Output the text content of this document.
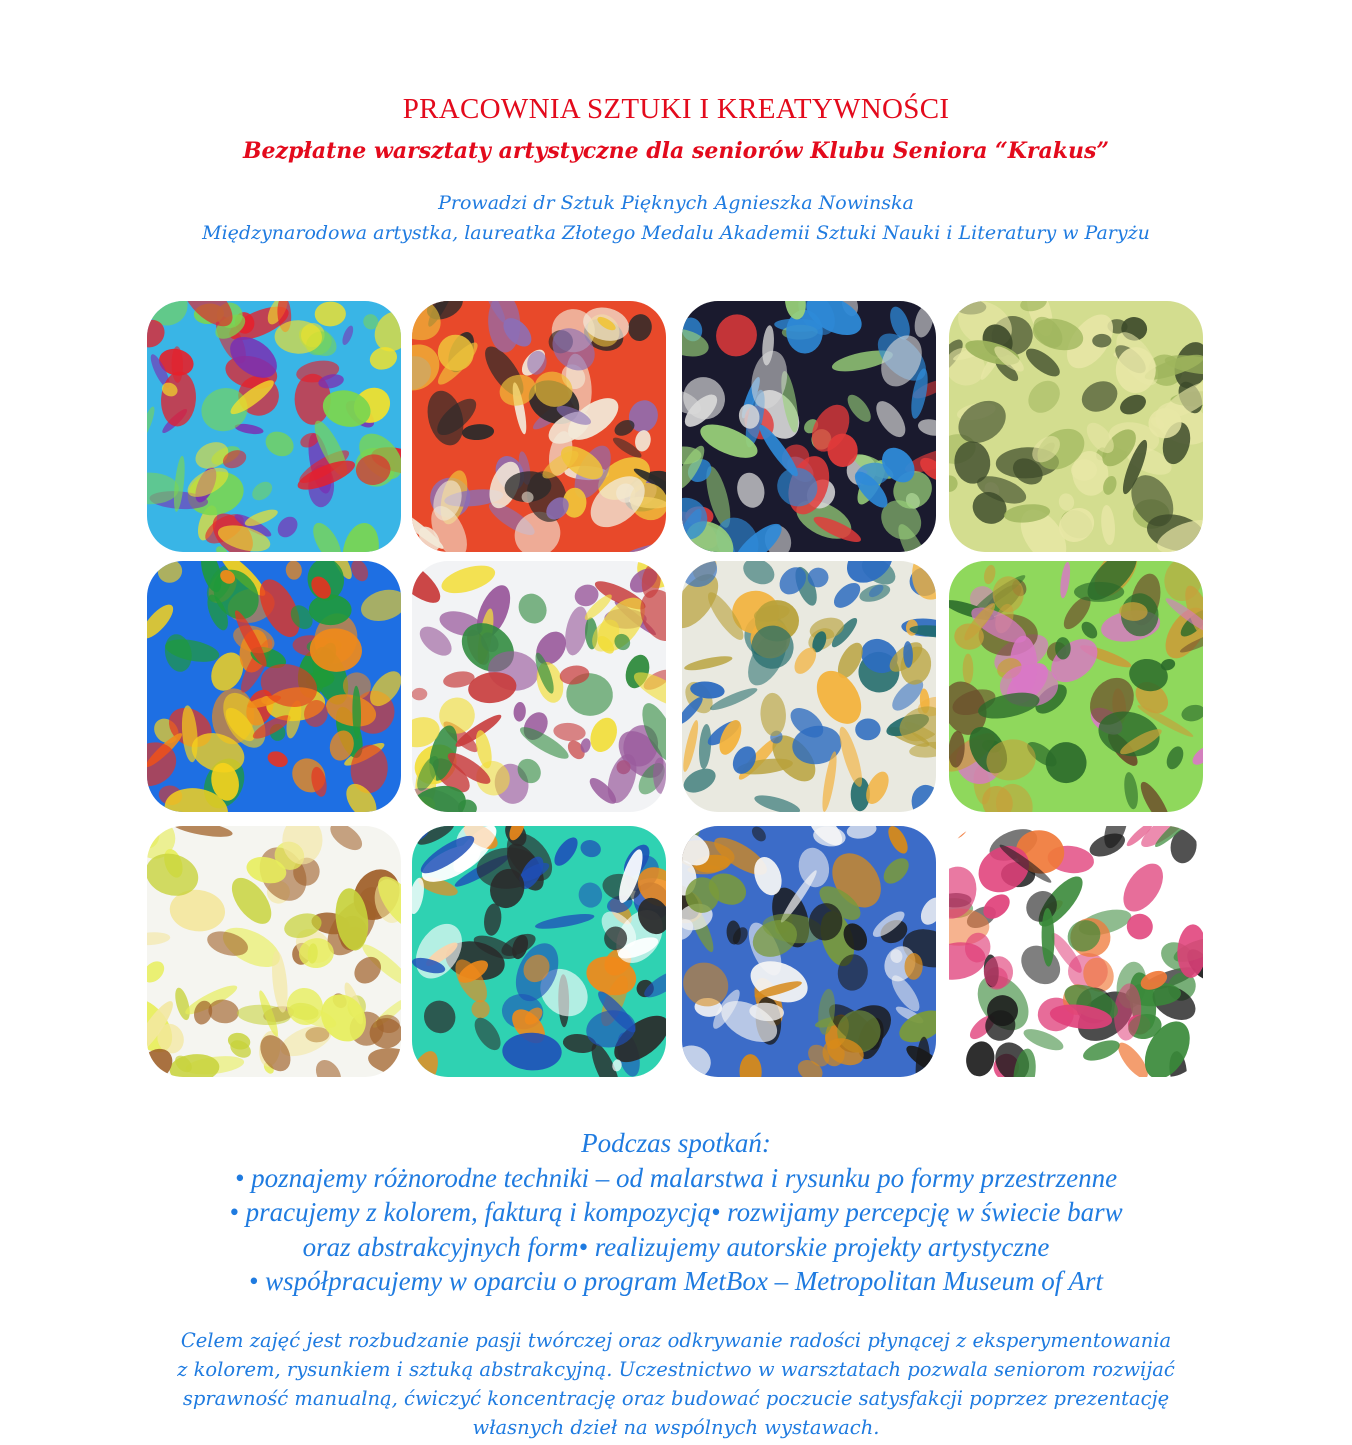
PRACOWNIA SZTUKI I KREATYWNOŚCI
Bezpłatne warsztaty artystyczne dla seniorów Klubu Seniora “Krakus”

Prowadzi dr Sztuk Pięknych Agnieszka Nowinska

Międzynarodowa artystka, laureatka Złotego Medalu Akademii Sztuki Nauki i Literatury w Paryżu

Podczas spotkań:
• poznajemy różnorodne techniki – od malarstwa i rysunku po formy przestrzenne
• pracujemy z kolorem, fakturą i kompozycją• rozwijamy percepcję w świecie barw
oraz abstrakcyjnych form• realizujemy autorskie projekty artystyczne
• współpracujemy w oparciu o program MetBox – Metropolitan Museum of Art
Celem zajęć jest rozbudzanie pasji twórczej oraz odkrywanie radości płynącej z eksperymentowania
z kolorem, rysunkiem i sztuką abstrakcyjną. Uczestnictwo w warsztatach pozwala seniorom rozwijać
sprawność manualną, ćwiczyć koncentrację oraz budować poczucie satysfakcji poprzez prezentację
własnych dzieł na wspólnych wystawach.
